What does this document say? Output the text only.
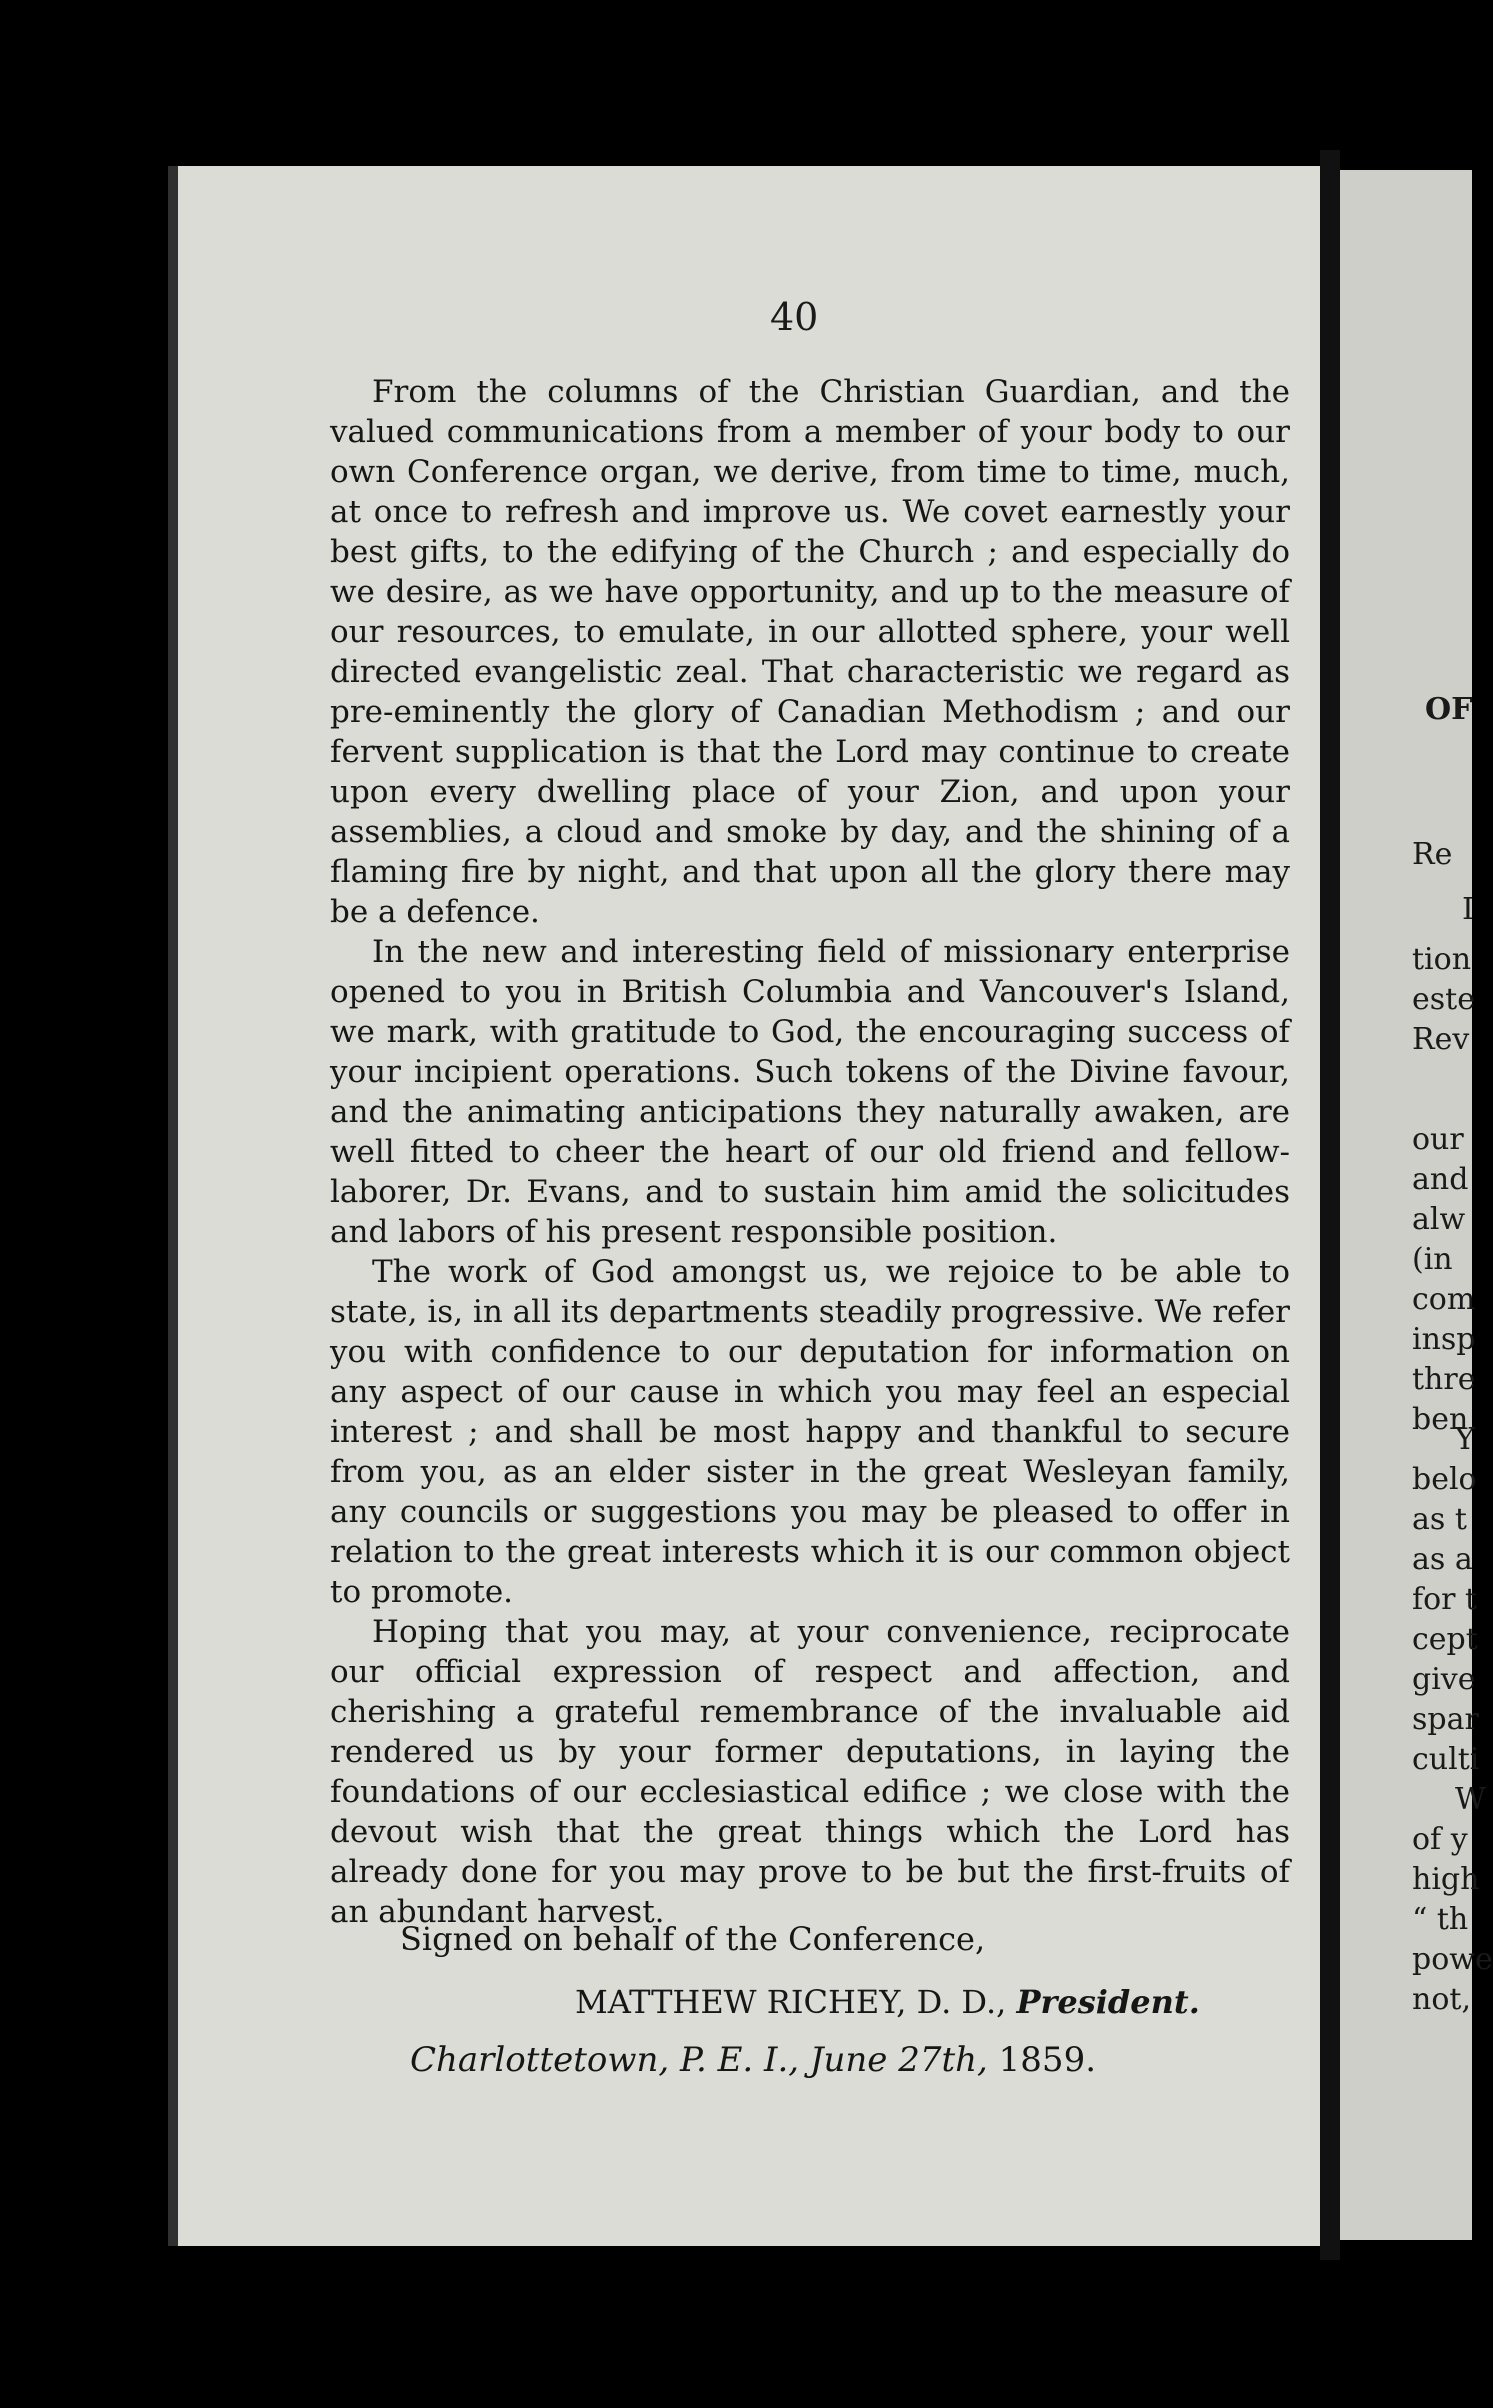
40

From the columns of the Christian Guardian, and the valued communications from a member of your body to our own Conference organ, we derive, from time to time, much, at once to refresh and improve us. We covet earnestly your best gifts, to the edifying of the Church ; and especially do we desire, as we have opportunity, and up to the measure of our resources, to emulate, in our allotted sphere, your well directed evangelistic zeal. That characteristic we regard as pre-eminently the glory of Canadian Methodism ; and our fervent supplication is that the Lord may continue to create upon every dwelling place of your Zion, and upon your assemblies, a cloud and smoke by day, and the shining of a flaming fire by night, and that upon all the glory there may be a defence.

In the new and interesting field of missionary enterprise opened to you in British Columbia and Vancouver's Island, we mark, with gratitude to God, the encouraging success of your incipient operations. Such tokens of the Divine favour, and the animating anticipations they naturally awaken, are well fitted to cheer the heart of our old friend and fellow-laborer, Dr. Evans, and to sustain him amid the solicitudes and labors of his present responsible position.

The work of God amongst us, we rejoice to be able to state, is, in all its departments steadily progressive. We refer you with confidence to our deputation for information on any aspect of our cause in which you may feel an especial interest ; and shall be most happy and thankful to secure from you, as an elder sister in the great Wesleyan family, any councils or suggestions you may be pleased to offer in relation to the great interests which it is our common object to promote.

Hoping that you may, at your convenience, reciprocate our official expression of respect and affection, and cherishing a grateful remembrance of the invaluable aid rendered us by your former deputations, in laying the foundations of our ecclesiastical edifice ; we close with the devout wish that the great things which the Lord has already done for you may prove to be but the first-fruits of an abundant harvest.

Signed on behalf of the Conference,
MATTHEW RICHEY, D. D., President.
Charlottetown, P. E. I., June 27th, 1859.
OF
Re
I
tion
este
Rev
our
and
alw
(in
com
insp
thre
ben
Y
belo
as t
as a
for t
cept
give
spar
culti
W
of y
high
“ th
powe
not,
